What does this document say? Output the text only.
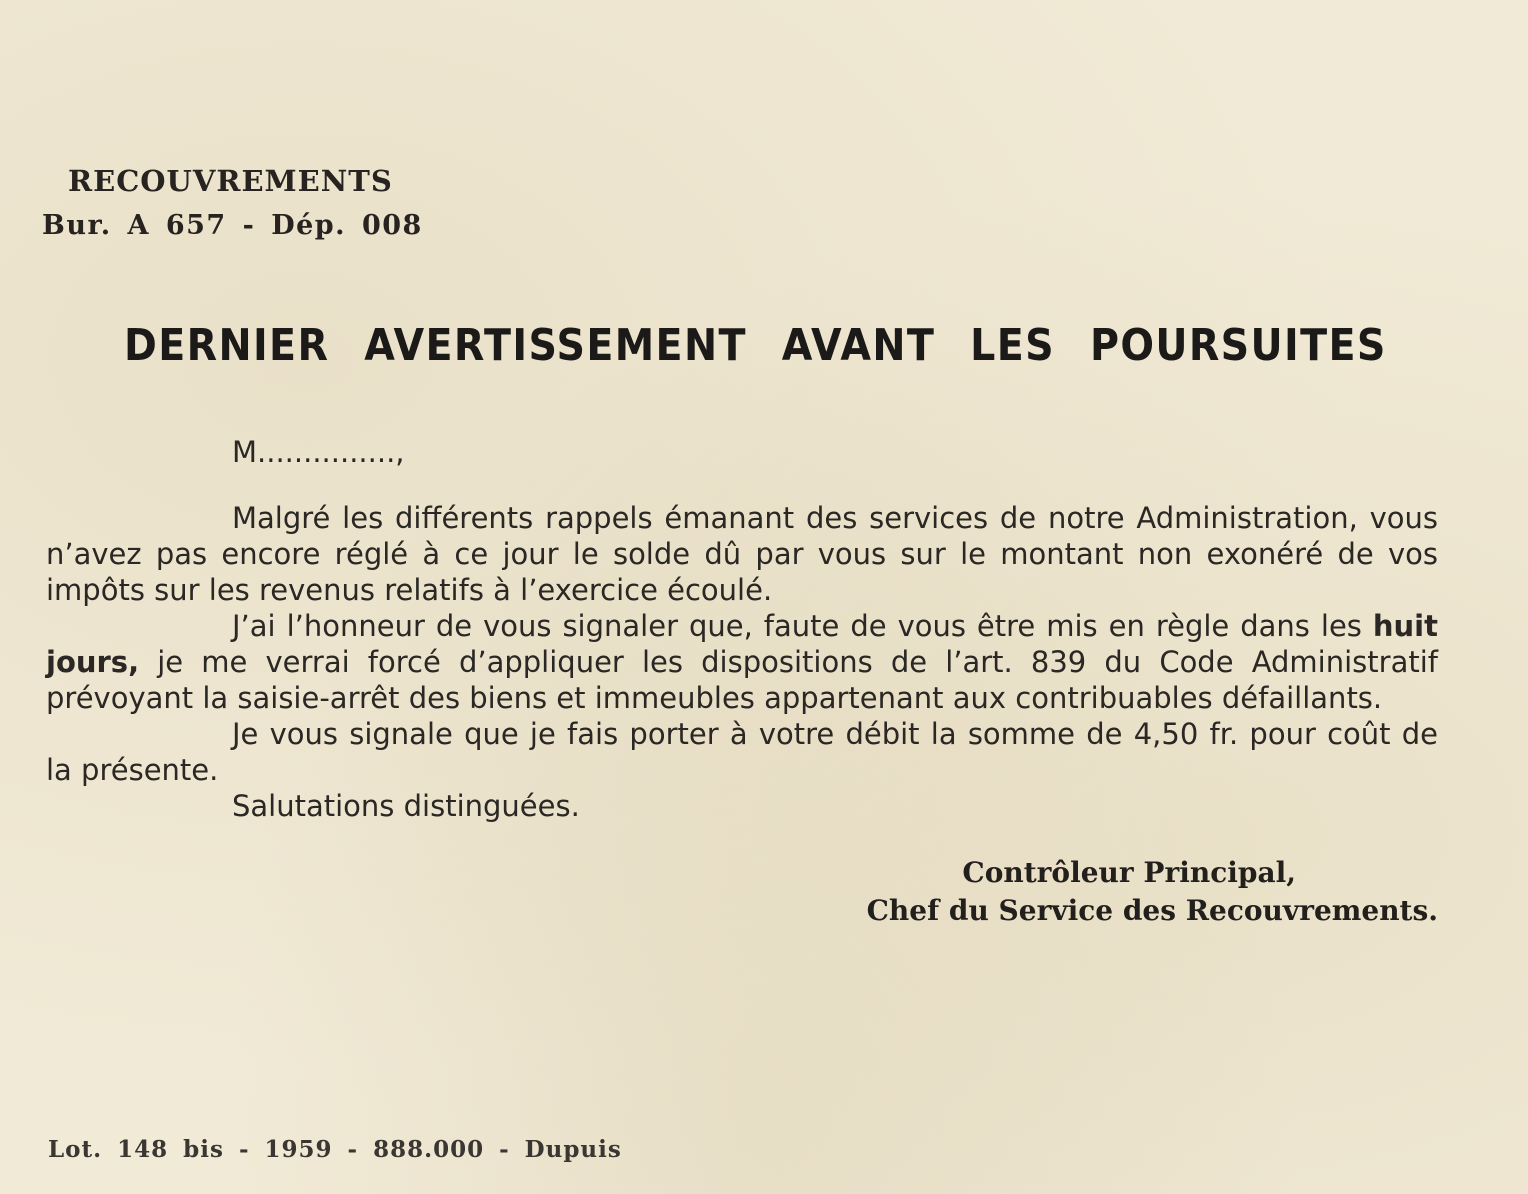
RECOUVREMENTS
Bur. A 657 - Dép. 008
DERNIER AVERTISSEMENT AVANT LES POURSUITES
M...............,

Malgré les différents rappels émanant des services de notre Administration, vous n’avez pas encore réglé à ce jour le solde dû par vous sur le montant non exonéré de vos impôts sur les revenus relatifs à l’exercice écoulé.

J’ai l’honneur de vous signaler que, faute de vous être mis en règle dans les huit jours, je me verrai forcé d’appliquer les dispositions de l’art. 839 du Code Administratif prévoyant la saisie-arrêt des biens et immeubles appartenant aux contribuables défaillants.

Je vous signale que je fais porter à votre débit la somme de 4,50 fr. pour coût de la présente.

Salutations distinguées.
Contrôleur Principal,
Chef du Service des Recouvrements.
Lot. 148 bis - 1959 - 888.000 - Dupuis
